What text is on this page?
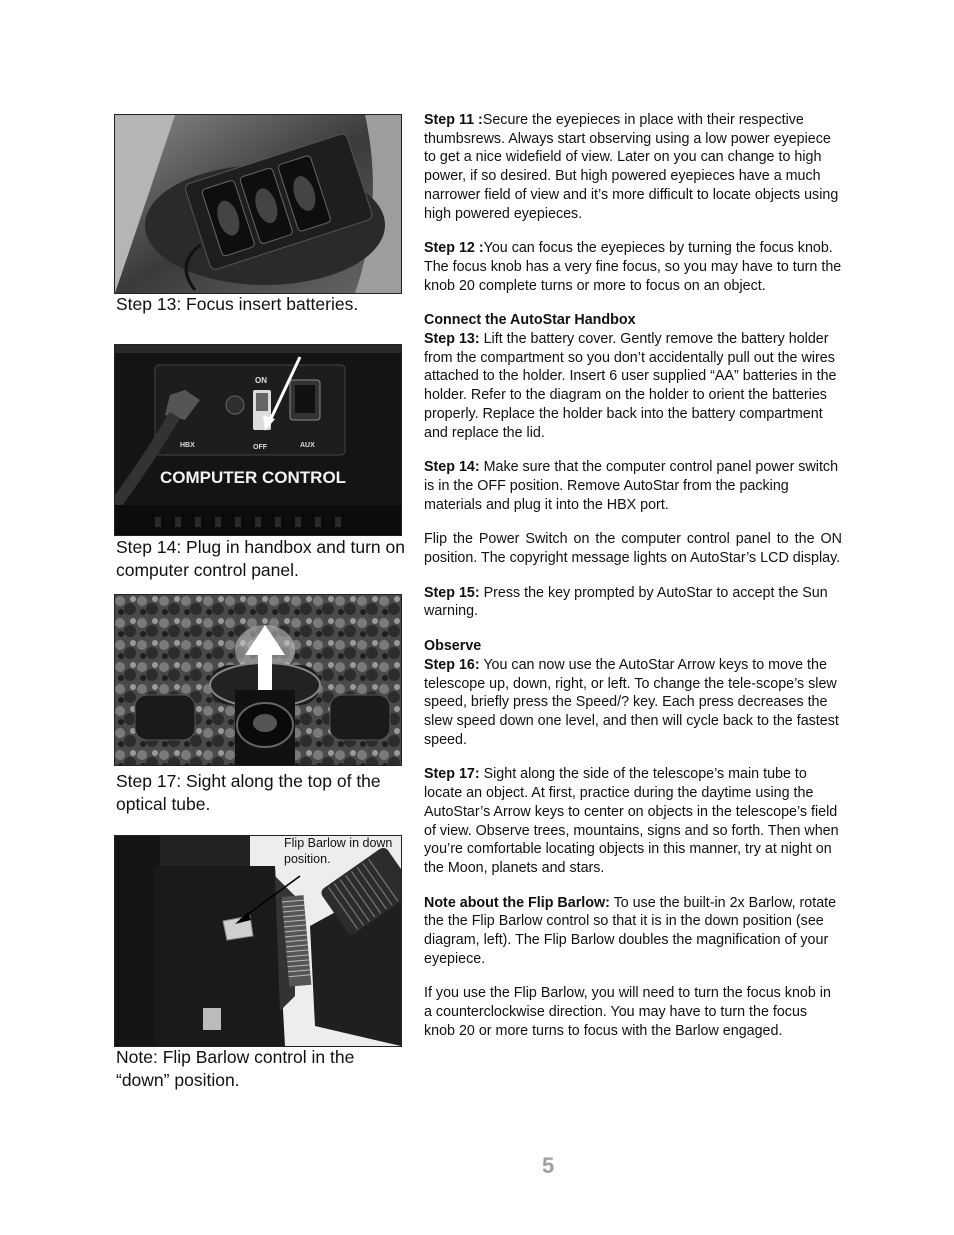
Step 13: Focus insert batteries.
ON
HBX	OFF	AUX
COMPUTER CONTROL
Step 14: Plug in handbox and turn on computer control panel.
Step 17: Sight along the top of the optical tube.
Flip Barlow in down position.
Note: Flip Barlow control in the “down” position.

Step 11 :Secure the eyepieces in place with their respective thumbsrews. Always start observing using a low power eyepiece to get a nice widefield of view. Later on you can change to high power, if so desired. But high powered eyepieces have a much narrower field of view and it’s more difficult to locate objects using high powered eyepieces.

Step 12 :You can focus the eyepieces by turning the focus knob. The focus knob has a very fine focus, so you may have to turn the knob 20 complete turns or more to focus on an object.

Connect the AutoStar Handbox

Step 13: Lift the battery cover. Gently remove the battery holder from the compartment so you don’t accidentally pull out the wires attached to the holder. Insert 6 user supplied “AA” batteries in the holder. Refer to the diagram on the holder to orient the batteries properly. Replace the holder back into the battery compartment and replace the lid.

Step 14: Make sure that the computer control panel power switch is in the OFF position. Remove AutoStar from the packing materials and plug it into the HBX port.

Flip the Power Switch on the computer control panel to the ON position. The copyright message lights on AutoStar’s LCD display.

Step 15: Press the key prompted by AutoStar to accept the Sun warning.

Observe

Step 16: You can now use the AutoStar Arrow keys to move the telescope up, down, right, or left. To change the tele-scope’s slew speed, briefly press the Speed/? key. Each press decreases the slew speed down one level, and then will cycle back to the fastest speed.

Step 17: Sight along the side of the telescope’s main tube to locate an object. At first, practice during the daytime using the AutoStar’s Arrow keys to center on objects in the telescope’s field of view. Observe trees, mountains, signs and so forth. Then when you’re comfortable locating objects in this manner, try at night on the Moon, planets and stars.

Note about the Flip Barlow: To use the built-in 2x Barlow, rotate the the Flip Barlow control so that it is in the down position (see diagram, left). The Flip Barlow doubles the magnification of your eyepiece.

If you use the Flip Barlow, you will need to turn the focus knob in a counterclockwise direction. You may have to turn the focus knob 20 or more turns to focus with the Barlow engaged.

5
